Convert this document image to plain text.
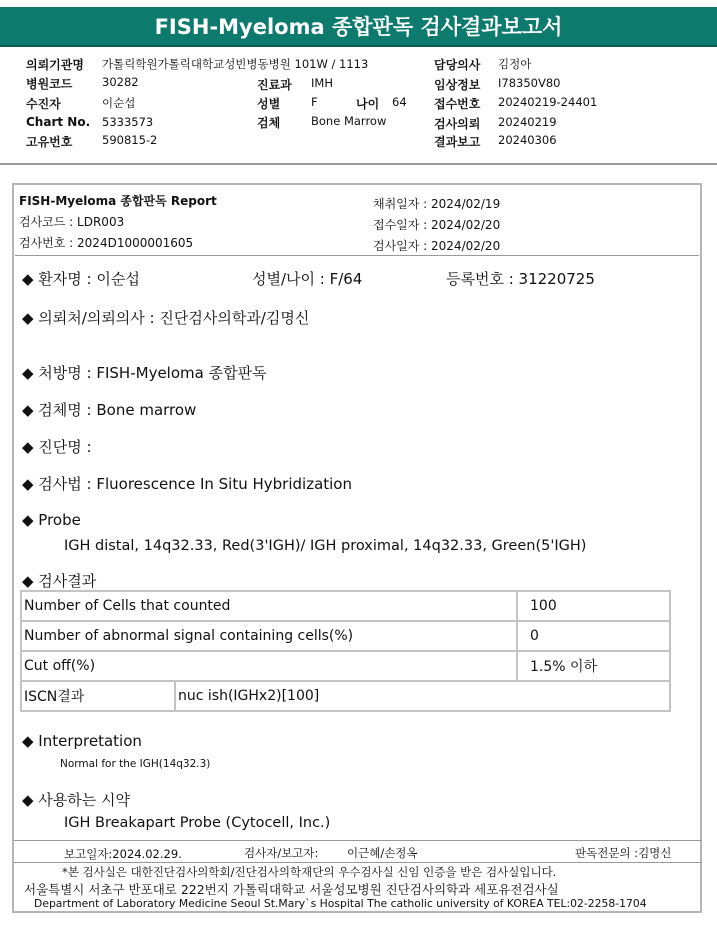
FISH-Myeloma 종합판독 검사결과보고서
의뢰기관명 가톨릭학원가톨릭대학교성빈병동병원 101W / 1113
병원코드	30282
수진자	이순섭
Chart No. 5333573
고유번호	590815-2
진료과 IMH
성별	F	나이 64
검체	Bone Marrow
담당의사 김정아
임상정보 I78350V80
접수번호 20240219-24401
검사의뢰 20240219
결과보고 20240306
FISH-Myeloma 종합판독 Report
검사코드 : LDR003
검사번호 : 2024D1000001605
채취일자 : 2024/02/19
접수일자 : 2024/02/20
검사일자 : 2024/02/20
◆ 환자명 : 이순섭	성별/나이 : F/64	등록번호 : 31220725
◆ 의뢰처/의뢰의사 : 진단검사의학과/김명신
◆ 처방명 : FISH-Myeloma 종합판독
◆ 검체명 : Bone marrow
◆ 진단명 :
◆ 검사법 : Fluorescence In Situ Hybridization
◆ Probe
IGH distal, 14q32.33, Red(3'IGH)/ IGH proximal, 14q32.33, Green(5'IGH)
◆ 검사결과
Number of Cells that counted	100
Number of abnormal signal containing cells(%)	0
Cut off(%)	1.5% 이하
ISCN결과	nuc ish(IGHx2)[100]
◆ Interpretation
Normal for the IGH(14q32.3)
◆ 사용하는 시약
IGH Breakapart Probe (Cytocell, Inc.)
보고일자:2024.02.29.	검사자/보고자: 이근혜/손정옥	판독전문의 :김명신
*본 검사실은 대한진단검사의학회/진단검사의학재단의 우수검사실 신임 인증을 받은 검사실입니다.
서울특별시 서초구 반포대로 222번지 가톨릭대학교 서울성모병원 진단검사의학과 세포유전검사실
Department of Laboratory Medicine Seoul St.Mary`s Hospital The catholic university of KOREA TEL:02-2258-1704
